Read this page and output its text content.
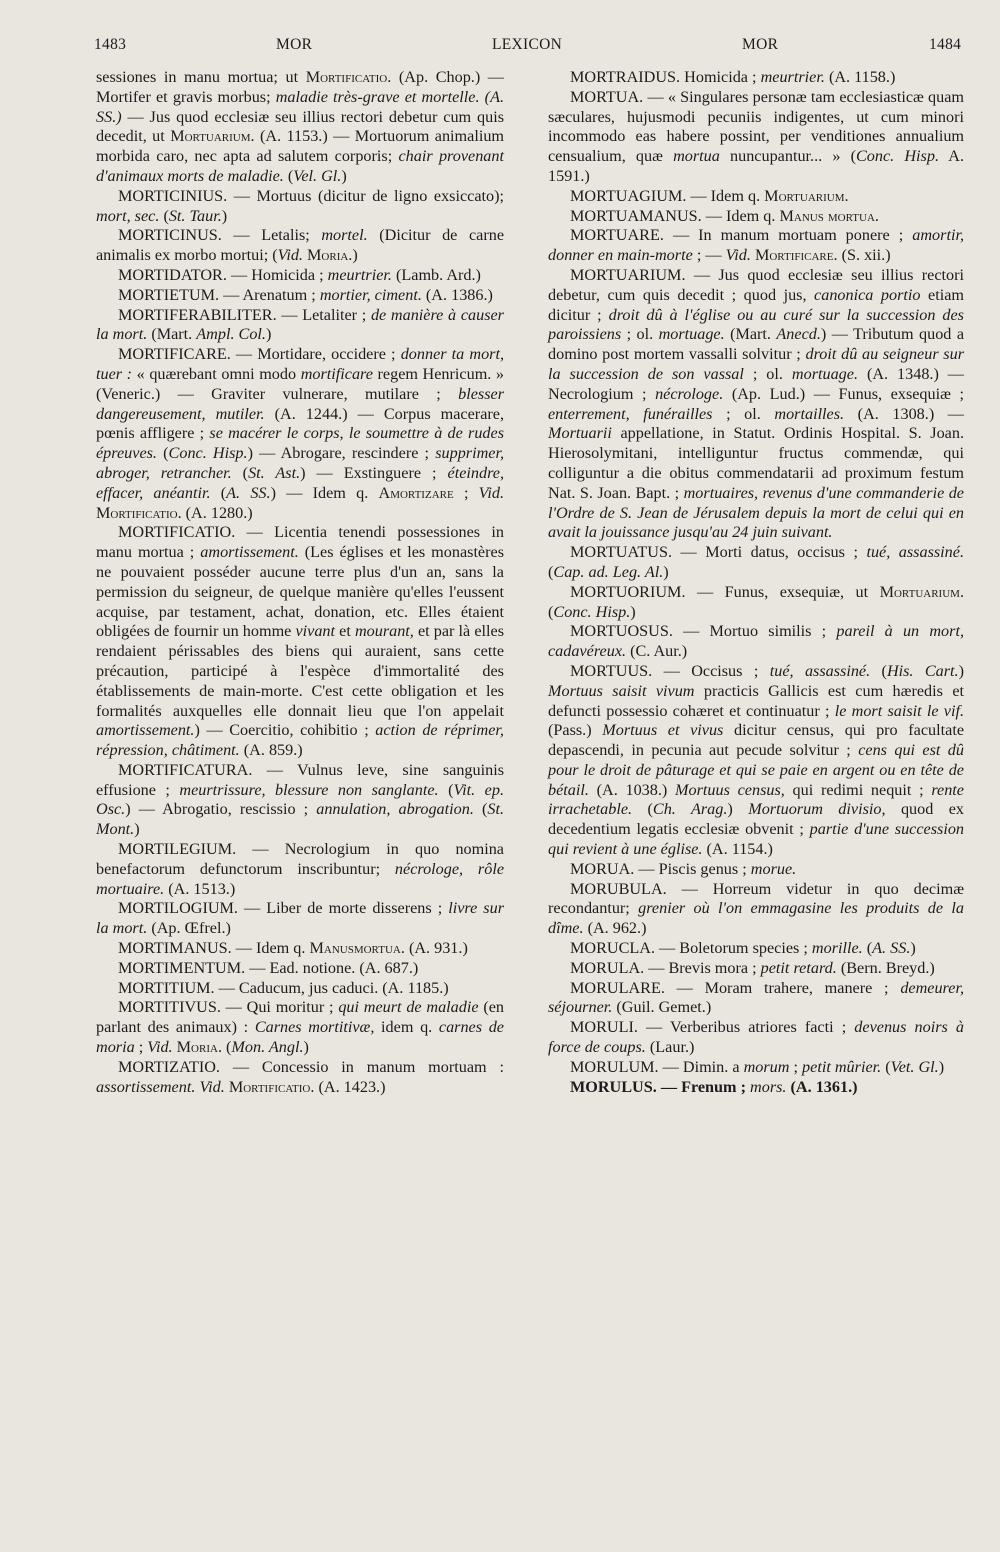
1483	MOR	LEXICON	MOR	1484

sessiones in manu mortua; ut Mortificatio. (Ap. Chop.) — Mortifer et gravis morbus; maladie très-grave et mortelle. (A. SS.) — Jus quod ecclesiæ seu illius rectori debetur cum quis decedit, ut Mortuarium. (A. 1153.) — Mortuorum animalium morbida caro, nec apta ad salutem corporis; chair provenant d'animaux morts de maladie. (Vel. Gl.)

MORTICINIUS. — Mortuus (dicitur de ligno exsiccato); mort, sec. (St. Taur.)

MORTICINUS. — Letalis; mortel. (Dicitur de carne animalis ex morbo mortui; (Vid. Moria.)

MORTIDATOR. — Homicida ; meurtrier. (Lamb. Ard.)

MORTIETUM. — Arenatum ; mortier, ciment. (A. 1386.)

MORTIFERABILITER. — Letaliter ; de manière à causer la mort. (Mart. Ampl. Col.)

MORTIFICARE. — Mortidare, occidere ; donner ta mort, tuer : « quærebant omni modo mortificare regem Henricum. » (Veneric.) — Graviter vulnerare, mutilare ; blesser dangereusement, mutiler. (A. 1244.) — Corpus macerare, pœnis affligere ; se macérer le corps, le soumettre à de rudes épreuves. (Conc. Hisp.) — Abrogare, rescindere ; supprimer, abroger, retrancher. (St. Ast.) — Exstinguere ; éteindre, effacer, anéantir. (A. SS.) — Idem q. Amortizare ; Vid. Mortificatio. (A. 1280.)

MORTIFICATIO. — Licentia tenendi possessiones in manu mortua ; amortissement. (Les églises et les monastères ne pouvaient posséder aucune terre plus d'un an, sans la permission du seigneur, de quelque manière qu'elles l'eussent acquise, par testament, achat, donation, etc. Elles étaient obligées de fournir un homme vivant et mourant, et par là elles rendaient périssables des biens qui auraient, sans cette précaution, participé à l'espèce d'immortalité des établissements de main-morte. C'est cette obligation et les formalités auxquelles elle donnait lieu que l'on appelait amortissement.) — Coercitio, cohibitio ; action de réprimer, répression, châtiment. (A. 859.)

MORTIFICATURA. — Vulnus leve, sine sanguinis effusione ; meurtrissure, blessure non sanglante. (Vit. ep. Osc.) — Abrogatio, rescissio ; annulation, abrogation. (St. Mont.)

MORTILEGIUM. — Necrologium in quo nomina benefactorum defunctorum inscribuntur; nécrologe, rôle mortuaire. (A. 1513.)

MORTILOGIUM. — Liber de morte disserens ; livre sur la mort. (Ap. Œfrel.)

MORTIMANUS. — Idem q. Manusmortua. (A. 931.)

MORTIMENTUM. — Ead. notione. (A. 687.)

MORTITIUM. — Caducum, jus caduci. (A. 1185.)

MORTITIVUS. — Qui moritur ; qui meurt de maladie (en parlant des animaux) : Carnes mortitivæ, idem q. carnes de moria ; Vid. Moria. (Mon. Angl.)

MORTIZATIO. — Concessio in manum mortuam : assortissement. Vid. Mortificatio. (A. 1423.)

MORTRAIDUS. Homicida ; meurtrier. (A. 1158.)

MORTUA. — « Singulares personæ tam ecclesiasticæ quam sæculares, hujusmodi pecuniis indigentes, ut cum minori incommodo eas habere possint, per venditiones annualium censualium, quæ mortua nuncupantur... » (Conc. Hisp. A. 1591.)

MORTUAGIUM. — Idem q. Mortuarium.

MORTUAMANUS. — Idem q. Manus mortua.

MORTUARE. — In manum mortuam ponere ; amortir, donner en main-morte ; — Vid. Mortificare. (S. xii.)

MORTUARIUM. — Jus quod ecclesiæ seu illius rectori debetur, cum quis decedit ; quod jus, canonica portio etiam dicitur ; droit dû à l'église ou au curé sur la succession des paroissiens ; ol. mortuage. (Mart. Anecd.) — Tributum quod a domino post mortem vassalli solvitur ; droit dû au seigneur sur la succession de son vassal ; ol. mortuage. (A. 1348.) — Necrologium ; nécrologe. (Ap. Lud.) — Funus, exsequiæ ; enterrement, funérailles ; ol. mortailles. (A. 1308.) — Mortuarii appellatione, in Statut. Ordinis Hospital. S. Joan. Hierosolymitani, intelliguntur fructus commendæ, qui colliguntur a die obitus commendatarii ad proximum festum Nat. S. Joan. Bapt. ; mortuaires, revenus d'une commanderie de l'Ordre de S. Jean de Jérusalem depuis la mort de celui qui en avait la jouissance jusqu'au 24 juin suivant.

MORTUATUS. — Morti datus, occisus ; tué, assassiné. (Cap. ad. Leg. Al.)

MORTUORIUM. — Funus, exsequiæ, ut Mortuarium. (Conc. Hisp.)

MORTUOSUS. — Mortuo similis ; pareil à un mort, cadavéreux. (C. Aur.)

MORTUUS. — Occisus ; tué, assassiné. (His. Cart.) Mortuus saisit vivum practicis Gallicis est cum hæredis et defuncti possessio cohæret et continuatur ; le mort saisit le vif. (Pass.) Mortuus et vivus dicitur census, qui pro facultate depascendi, in pecunia aut pecude solvitur ; cens qui est dû pour le droit de pâturage et qui se paie en argent ou en tête de bétail. (A. 1038.) Mortuus census, qui redimi nequit ; rente irrachetable. (Ch. Arag.) Mortuorum divisio, quod ex decedentium legatis ecclesiæ obvenit ; partie d'une succession qui revient à une église. (A. 1154.)

MORUA. — Piscis genus ; morue.

MORUBULA. — Horreum videtur in quo decimæ recondantur; grenier où l'on emmagasine les produits de la dîme. (A. 962.)

MORUCLA. — Boletorum species ; morille. (A. SS.)

MORULA. — Brevis mora ; petit retard. (Bern. Breyd.)

MORULARE. — Moram trahere, manere ; demeurer, séjourner. (Guil. Gemet.)

MORULI. — Verberibus atriores facti ; devenus noirs à force de coups. (Laur.)

MORULUM. — Dimin. a morum ; petit mûrier. (Vet. Gl.)

MORULUS. — Frenum ; mors. (A. 1361.)
